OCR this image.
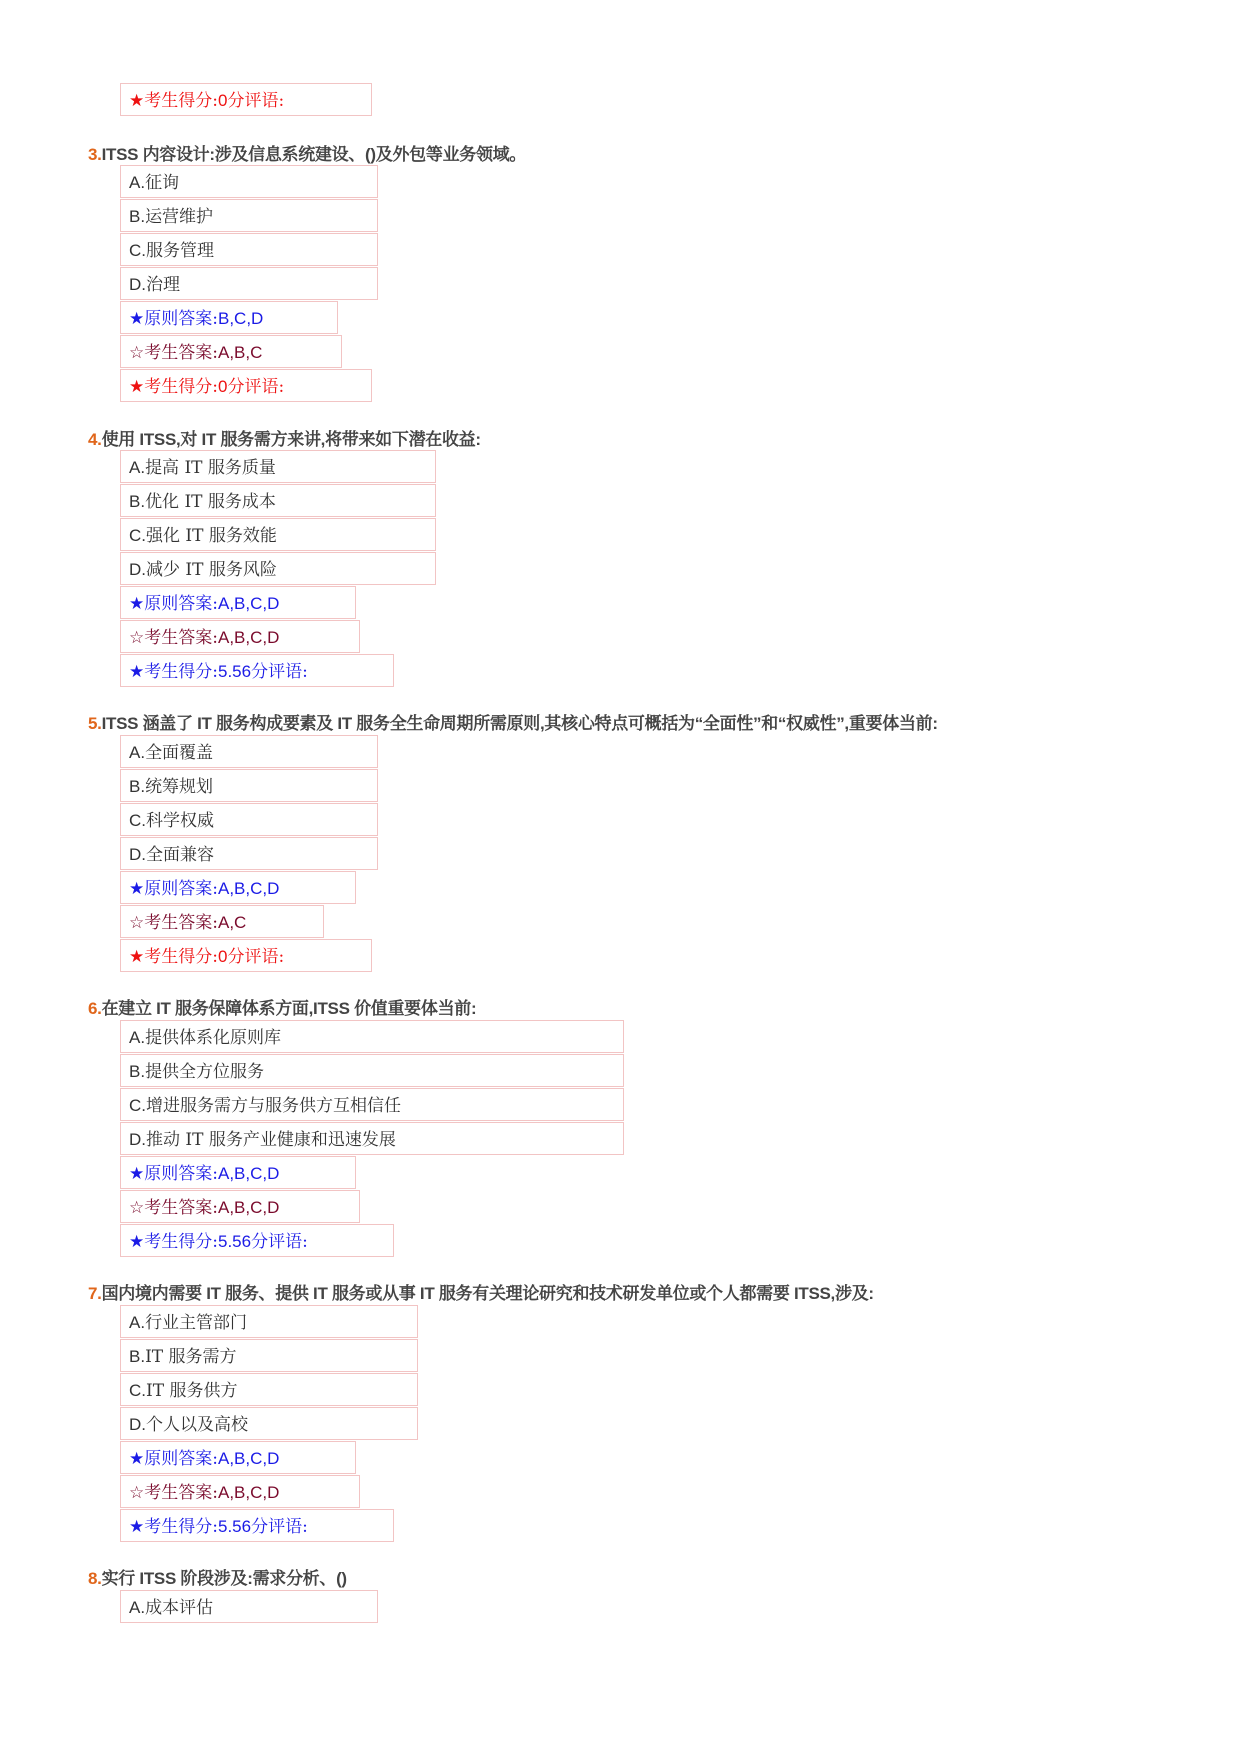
★考生得分:0分评语:
3.ITSS 内容设计:涉及信息系统建设、()及外包等业务领域。
A.征询
B.运营维护
C.服务管理
D.治理
★原则答案:B,C,D
☆考生答案:A,B,C
★考生得分:0分评语:
4.使用 ITSS,对 IT 服务需方来讲,将带来如下潜在收益:
A.提高 IT 服务质量
B.优化 IT 服务成本
C.强化 IT 服务效能
D.减少 IT 服务风险
★原则答案:A,B,C,D
☆考生答案:A,B,C,D
★考生得分:5.56分评语:
5.ITSS 涵盖了 IT 服务构成要素及 IT 服务全生命周期所需原则,其核心特点可概括为“全面性”和“权威性”,重要体当前:
A.全面覆盖
B.统筹规划
C.科学权威
D.全面兼容
★原则答案:A,B,C,D
☆考生答案:A,C
★考生得分:0分评语:
6.在建立 IT 服务保障体系方面,ITSS 价值重要体当前:
A.提供体系化原则库
B.提供全方位服务
C.增进服务需方与服务供方互相信任
D.推动 IT 服务产业健康和迅速发展
★原则答案:A,B,C,D
☆考生答案:A,B,C,D
★考生得分:5.56分评语:
7.国内境内需要 IT 服务、提供 IT 服务或从事 IT 服务有关理论研究和技术研发单位或个人都需要 ITSS,涉及:
A.行业主管部门
B.IT 服务需方
C.IT 服务供方
D.个人以及高校
★原则答案:A,B,C,D
☆考生答案:A,B,C,D
★考生得分:5.56分评语:
8.实行 ITSS 阶段涉及:需求分析、()
A.成本评估
